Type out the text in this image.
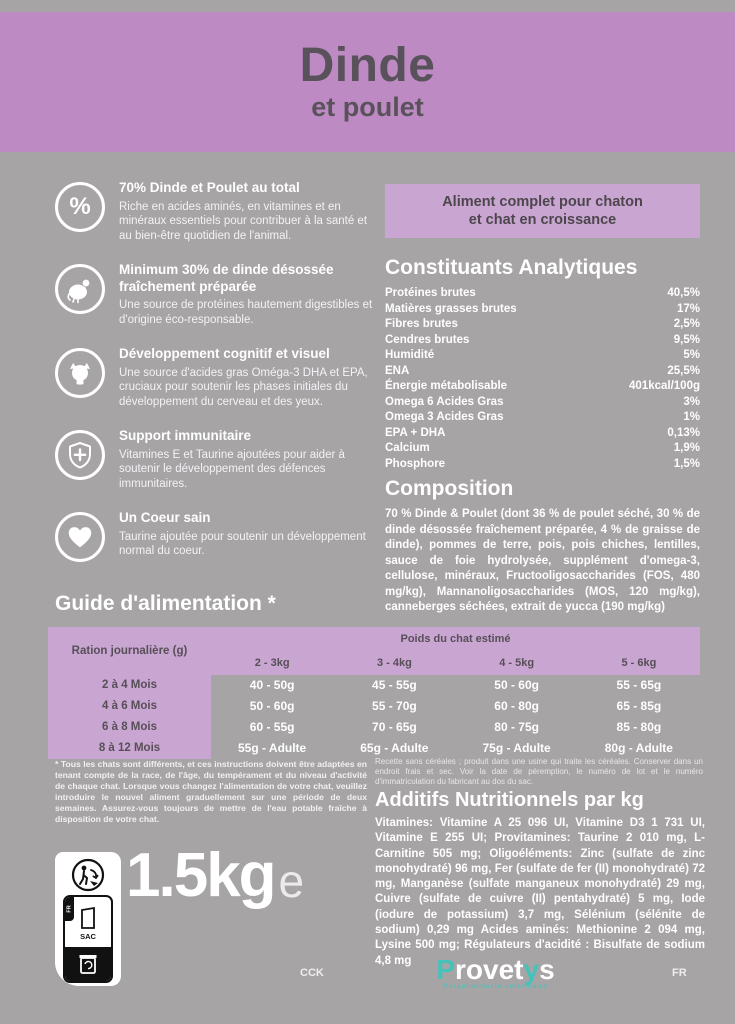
Dinde
et poulet
%
70% Dinde et Poulet au total
Riche en acides aminés, en vitamines et en minéraux essentiels pour contribuer à la santé et au bien-être quotidien de l'animal.
Minimum 30% de dinde désossée fraîchement préparée
Une source de protéines hautement digestibles et d'origine éco-responsable.
Développement cognitif et visuel
Une source d'acides gras Oméga-3 DHA et EPA, cruciaux pour soutenir les phases initiales du développement du cerveau et des yeux.
Support immunitaire
Vitamines E et Taurine ajoutées pour aider à soutenir le développement des défences immunitaires.
Un Coeur sain
Taurine ajoutée pour soutenir un développement normal du coeur.
Aliment complet pour chaton
et chat en croissance
Constituants Analytiques
Protéines brutes	40,5%
Matières grasses brutes	17%
Fibres brutes	2,5%
Cendres brutes	9,5%
Humidité	5%
ENA	25,5%
Énergie métabolisable	401kcal/100g
Omega 6 Acides Gras	3%
Omega 3 Acides Gras	1%
EPA + DHA	0,13%
Calcium	1,9%
Phosphore	1,5%
Composition
70 % Dinde & Poulet (dont 36 % de poulet séché, 30 % de dinde désossée fraîchement préparée, 4 % de graisse de dinde), pommes de terre, pois, pois chiches, lentilles, sauce de foie hydrolysée, supplément d'omega-3, cellulose, minéraux, Fructooligosaccharides (FOS, 480 mg/kg), Mannanoligosaccharides (MOS, 120 mg/kg), canneberges séchées, extrait de yucca (190 mg/kg)
Guide d'alimentation *
Ration journalière (g)
Poids du chat estimé
2 - 3kg	3 - 4kg	4 - 5kg	5 - 6kg
2 à 4 Mois	40 - 50g	45 - 55g	50 - 60g	55 - 65g
4 à 6 Mois	50 - 60g	55 - 70g	60 - 80g	65 - 85g
6 à 8 Mois	60 - 55g	70 - 65g	80 - 75g	85 - 80g
8 à 12 Mois	55g - Adulte	65g - Adulte	75g - Adulte	80g - Adulte
* Tous les chats sont différents, et ces instructions doivent être adaptées en tenant compte de la race, de l'âge, du tempérament et du niveau d'activité de chaque chat. Lorsque vous changez l'alimentation de votre chat, veuillez introduire le nouvel aliment graduellement sur une période de deux semaines. Assurez-vous toujours de mettre de l'eau potable fraîche à disposition de votre chat.
Recette sans céréales ; produit dans une usine qui traite les céréales. Conserver dans un endroit frais et sec. Voir la date de péremption, le numéro de lot et le numéro d'immatriculation du fabricant au dos du sac.
Additifs Nutritionnels par kg
Vitamines: Vitamine A 25 096 UI, Vitamine D3 1 731 UI, Vitamine E 255 UI; Provitamines: Taurine 2 010 mg, L-Carnitine 505 mg; Oligoéléments: Zinc (sulfate de zinc monohydraté) 96 mg, Fer (sulfate de fer (II) monohydraté) 72 mg, Manganèse (sulfate manganeux monohydraté) 29 mg, Cuivre (sulfate de cuivre (II) pentahydraté) 5 mg, Iode (iodure de potassium) 3,7 mg, Sélénium (sélénite de sodium) 0,29 mg Acides aminés: Methionine 2 094 mg, Lysine 500 mg; Régulateurs d'acidité : Bisulfate de sodium 4,8 mg
FR
SAC
1.5kg e
CCK	Provetys
Parapharmacie vétérinaire
FR
